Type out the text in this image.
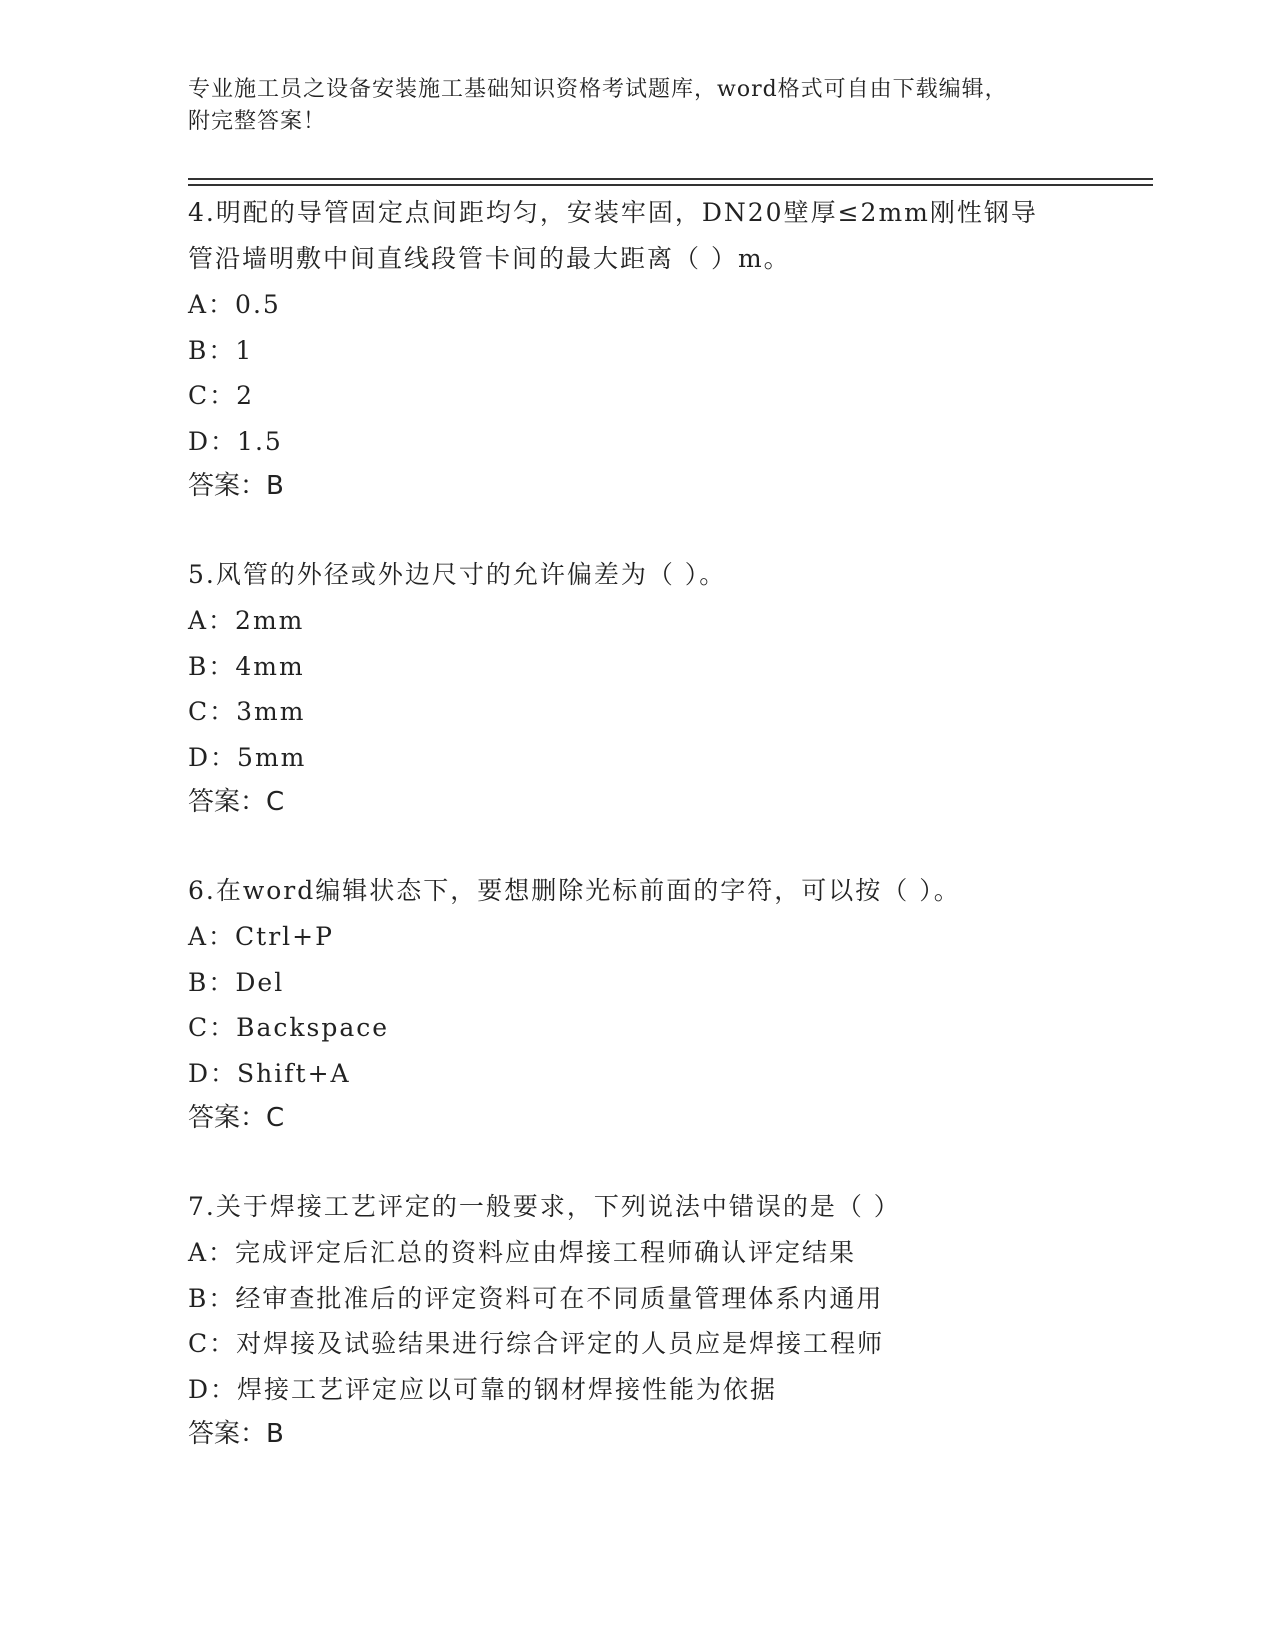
专业施工员之设备安装施工基础知识资格考试题库，word格式可自由下载编辑，
附完整答案！
4.明配的导管固定点间距均匀，安装牢固，DN20壁厚≤2mm刚性钢导
管沿墙明敷中间直线段管卡间的最大距离（ ）m。
A：0.5
B：1
C：2
D：1.5
答案：B
5.风管的外径或外边尺寸的允许偏差为（ ）。
A：2mm
B：4mm
C：3mm
D：5mm
答案：C
6.在word编辑状态下，要想删除光标前面的字符，可以按（ ）。
A：Ctrl+P
B：Del
C：Backspace
D：Shift+A
答案：C
7.关于焊接工艺评定的一般要求，下列说法中错误的是（ ）
A：完成评定后汇总的资料应由焊接工程师确认评定结果
B：经审查批准后的评定资料可在不同质量管理体系内通用
C：对焊接及试验结果进行综合评定的人员应是焊接工程师
D：焊接工艺评定应以可靠的钢材焊接性能为依据
答案：B
